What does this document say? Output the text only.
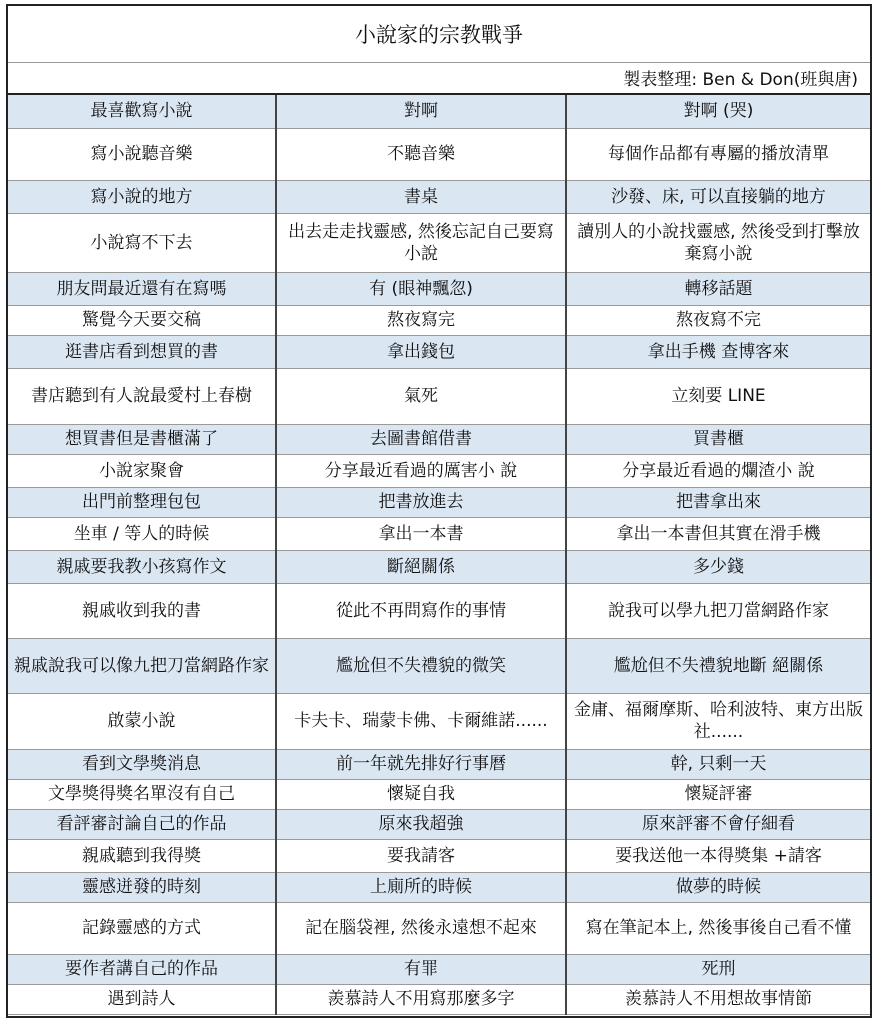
小說家的宗教戰爭
製表整理: Ben & Don(班與唐)
最喜歡寫小說	對啊	對啊 (哭)
寫小說聽音樂	不聽音樂	每個作品都有專屬的播放清單
寫小說的地方	書桌	沙發、床, 可以直接躺的地方
小說寫不下去	出去走走找靈感, 然後忘記自己要寫小說	讀別人的小說找靈感, 然後受到打擊放棄寫小說
朋友問最近還有在寫嗎	有 (眼神飄忽)	轉移話題
驚覺今天要交稿	熬夜寫完	熬夜寫不完
逛書店看到想買的書	拿出錢包	拿出手機 查博客來
書店聽到有人說最愛村上春樹	氣死	立刻要 LINE
想買書但是書櫃滿了	去圖書館借書	買書櫃
小說家聚會	分享最近看過的厲害小 說	分享最近看過的爛渣小 說
出門前整理包包	把書放進去	把書拿出來
坐車 / 等人的時候	拿出一本書	拿出一本書但其實在滑手機
親戚要我教小孩寫作文	斷絕關係	多少錢
親戚收到我的書	從此不再問寫作的事情	說我可以學九把刀當網路作家
親戚說我可以像九把刀當網路作家	尷尬但不失禮貌的微笑	尷尬但不失禮貌地斷 絕關係
啟蒙小說	卡夫卡、瑞蒙卡佛、卡爾維諾......	金庸、福爾摩斯、哈利波特、東方出版社......
看到文學獎消息	前一年就先排好行事曆	幹, 只剩一天
文學獎得獎名單沒有自己	懷疑自我	懷疑評審
看評審討論自己的作品	原來我超強	原來評審不會仔細看
親戚聽到我得獎	要我請客	要我送他一本得獎集 +請客
靈感迸發的時刻	上廁所的時候	做夢的時候
記錄靈感的方式	記在腦袋裡, 然後永遠想不起來	寫在筆記本上, 然後事後自己看不懂
要作者講自己的作品	有罪	死刑
遇到詩人	羨慕詩人不用寫那麼多字	羨慕詩人不用想故事情節
